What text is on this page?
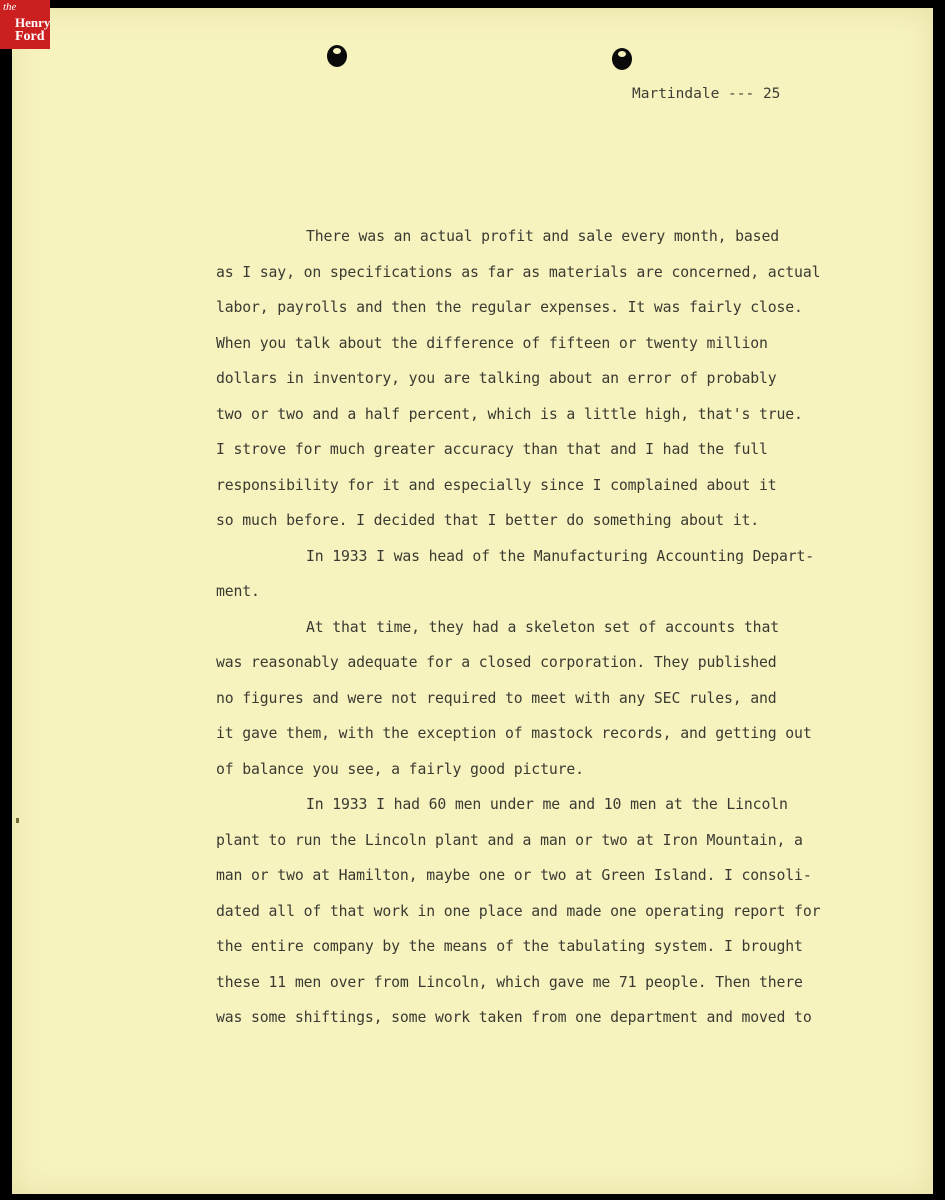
Martindale --- 25
There was an actual profit and sale every month, based
as I say, on specifications as far as materials are concerned, actual
labor, payrolls and then the regular expenses. It was fairly close.
When you talk about the difference of fifteen or twenty million
dollars in inventory, you are talking about an error of probably
two or two and a half percent, which is a little high, that's true.
I strove for much greater accuracy than that and I had the full
responsibility for it and especially since I complained about it
so much before. I decided that I better do something about it.
In 1933 I was head of the Manufacturing Accounting Depart-
ment.
At that time, they had a skeleton set of accounts that
was reasonably adequate for a closed corporation. They published
no figures and were not required to meet with any SEC rules, and
it gave them, with the exception of mastock records, and getting out
of balance you see, a fairly good picture.
In 1933 I had 60 men under me and 10 men at the Lincoln
plant to run the Lincoln plant and a man or two at Iron Mountain, a
man or two at Hamilton, maybe one or two at Green Island. I consoli-
dated all of that work in one place and made one operating report for
the entire company by the means of the tabulating system. I brought
these 11 men over from Lincoln, which gave me 71 people. Then there
was some shiftings, some work taken from one department and moved to
the
Henry
Ford
